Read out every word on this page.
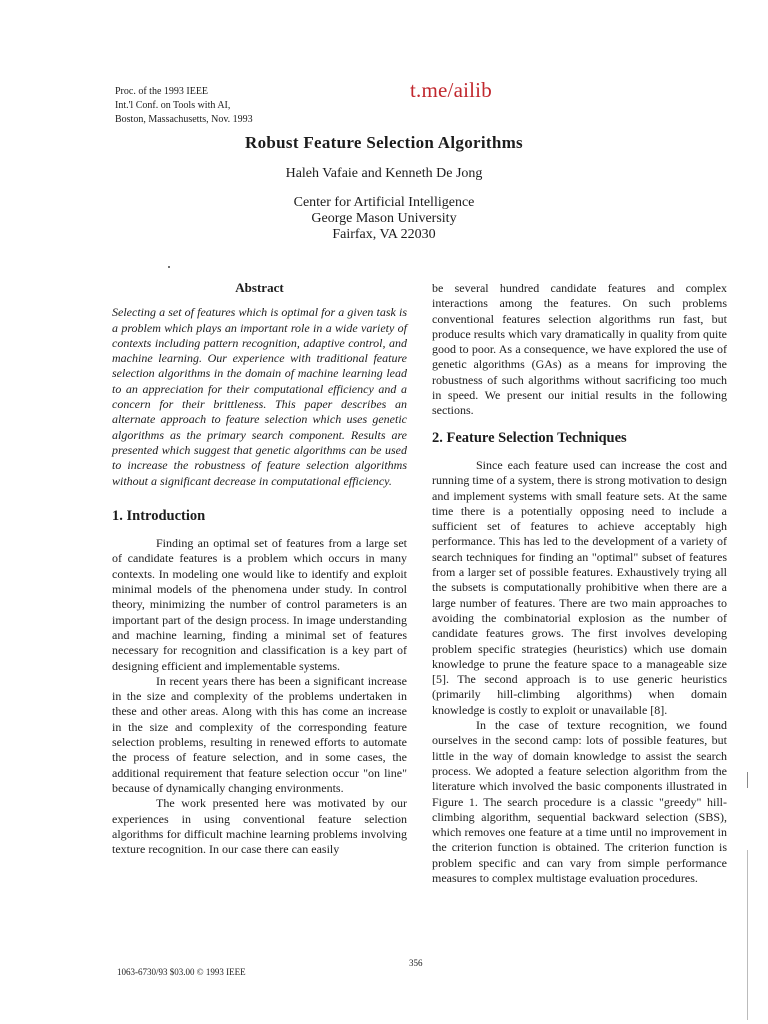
Proc. of the 1993 IEEE
Int.'l Conf. on Tools with AI,
Boston, Massachusetts, Nov. 1993
t.me/ailib
Robust Feature Selection Algorithms
Haleh Vafaie and Kenneth De Jong
Center for Artificial Intelligence
George Mason University
Fairfax, VA 22030
Abstract

Selecting a set of features which is optimal for a given task is a problem which plays an important role in a wide variety of contexts including pattern recognition, adaptive control, and machine learning. Our experience with traditional feature selection algorithms in the domain of machine learning lead to an appreciation for their computational efficiency and a concern for their brittleness. This paper describes an alternate approach to feature selection which uses genetic algorithms as the primary search component. Results are presented which suggest that genetic algorithms can be used to increase the robustness of feature selection algorithms without a significant decrease in computational efficiency.

1. Introduction

Finding an optimal set of features from a large set of candidate features is a problem which occurs in many contexts. In modeling one would like to identify and exploit minimal models of the phenomena under study. In control theory, minimizing the number of control parameters is an important part of the design process. In image understanding and machine learning, finding a minimal set of features necessary for recognition and classification is a key part of designing efficient and implementable systems.

In recent years there has been a significant increase in the size and complexity of the problems undertaken in these and other areas. Along with this has come an increase in the size and complexity of the corresponding feature selection problems, resulting in renewed efforts to automate the process of feature selection, and in some cases, the additional requirement that feature selection occur "on line" because of dynamically changing environments.

The work presented here was motivated by our experiences in using conventional feature selection algorithms for difficult machine learning problems involving texture recognition. In our case there can easily

be several hundred candidate features and complex interactions among the features. On such problems conventional features selection algorithms run fast, but produce results which vary dramatically in quality from quite good to poor. As a consequence, we have explored the use of genetic algorithms (GAs) as a means for improving the robustness of such algorithms without sacrificing too much in speed. We present our initial results in the following sections.

2. Feature Selection Techniques

Since each feature used can increase the cost and running time of a system, there is strong motivation to design and implement systems with small feature sets. At the same time there is a potentially opposing need to include a sufficient set of features to achieve acceptably high performance. This has led to the development of a variety of search techniques for finding an "optimal" subset of features from a larger set of possible features. Exhaustively trying all the subsets is computationally prohibitive when there are a large number of features. There are two main approaches to avoiding the combinatorial explosion as the number of candidate features grows. The first involves developing problem specific strategies (heuristics) which use domain knowledge to prune the feature space to a manageable size [5]. The second approach is to use generic heuristics (primarily hill-climbing algorithms) when domain knowledge is costly to exploit or unavailable [8].

In the case of texture recognition, we found ourselves in the second camp: lots of possible features, but little in the way of domain knowledge to assist the search process. We adopted a feature selection algorithm from the literature which involved the basic components illustrated in Figure 1. The search procedure is a classic "greedy" hill-climbing algorithm, sequential backward selection (SBS), which removes one feature at a time until no improvement in the criterion function is obtained. The criterion function is problem specific and can vary from simple performance measures to complex multistage evaluation procedures.

356
1063-6730/93 $03.00 © 1993 IEEE
